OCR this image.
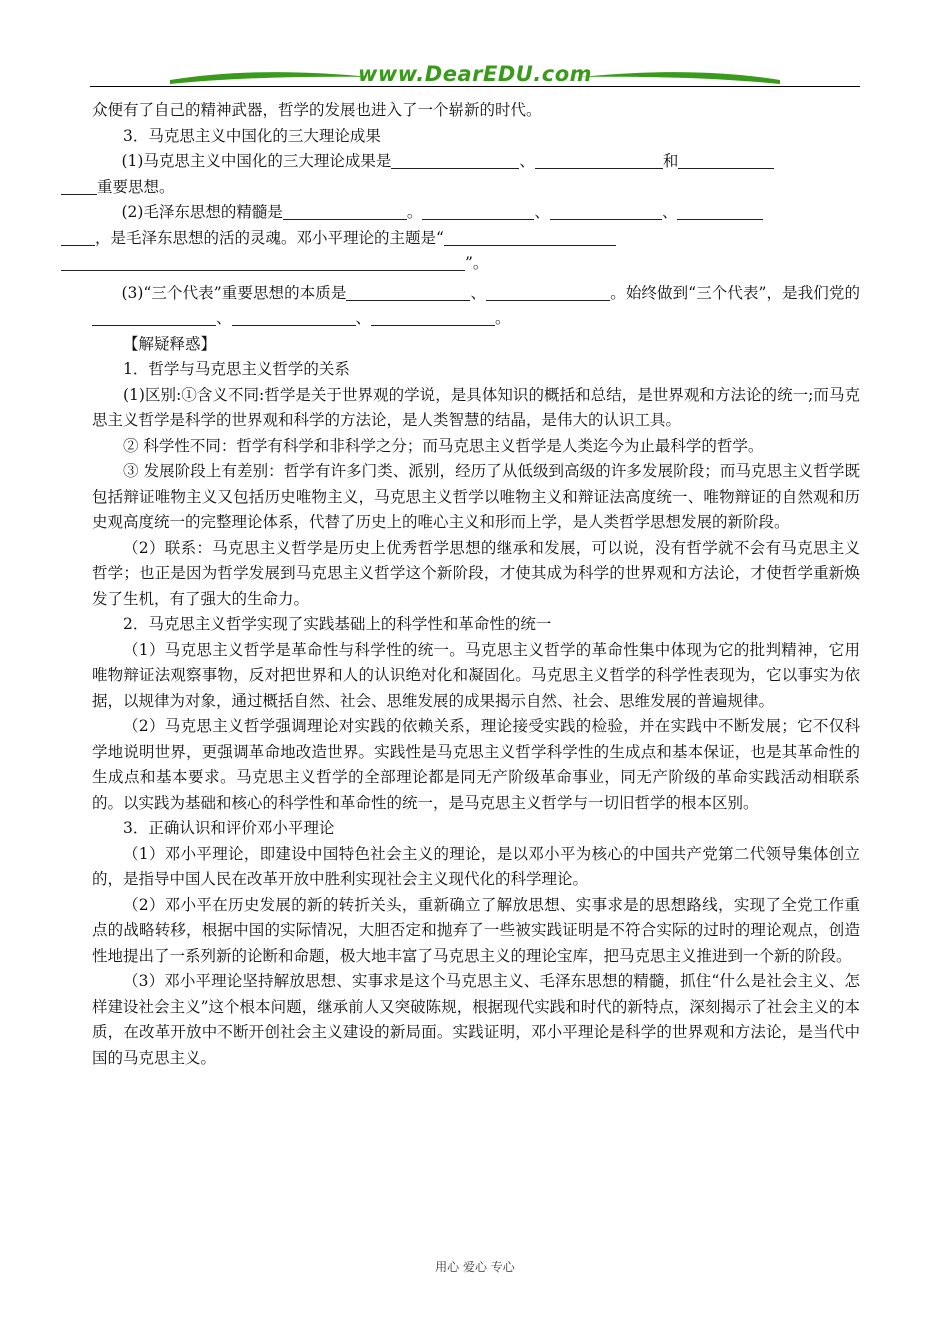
www.DearEDU.com

众便有了自己的精神武器，哲学的发展也进入了一个崭新的时代。

3．马克思主义中国化的三大理论成果

(1)马克思主义中国化的三大理论成果是	、	和
重要思想。

(2)毛泽东思想的精髓是	。	、	、
，是毛泽东思想的活的灵魂。邓小平理论的主题是“
”。

(3)“三个代表”重要思想的本质是	、	。始终做到“三个代表”，是我们党的、	、	。

【解疑释惑】

1．哲学与马克思主义哲学的关系

(1)区别:①含义不同:哲学是关于世界观的学说，是具体知识的概括和总结，是世界观和方法论的统一;而马克思主义哲学是科学的世界观和科学的方法论，是人类智慧的结晶，是伟大的认识工具。

② 科学性不同：哲学有科学和非科学之分；而马克思主义哲学是人类迄今为止最科学的哲学。

③ 发展阶段上有差别：哲学有许多门类、派别，经历了从低级到高级的许多发展阶段；而马克思主义哲学既包括辩证唯物主义又包括历史唯物主义，马克思主义哲学以唯物主义和辩证法高度统一、唯物辩证的自然观和历史观高度统一的完整理论体系，代替了历史上的唯心主义和形而上学，是人类哲学思想发展的新阶段。

（2）联系：马克思主义哲学是历史上优秀哲学思想的继承和发展，可以说，没有哲学就不会有马克思主义哲学；也正是因为哲学发展到马克思主义哲学这个新阶段，才使其成为科学的世界观和方法论，才使哲学重新焕发了生机，有了强大的生命力。

2．马克思主义哲学实现了实践基础上的科学性和革命性的统一

（1）马克思主义哲学是革命性与科学性的统一。马克思主义哲学的革命性集中体现为它的批判精神，它用唯物辩证法观察事物，反对把世界和人的认识绝对化和凝固化。马克思主义哲学的科学性表现为，它以事实为依据，以规律为对象，通过概括自然、社会、思维发展的成果揭示自然、社会、思维发展的普遍规律。

（2）马克思主义哲学强调理论对实践的依赖关系，理论接受实践的检验，并在实践中不断发展；它不仅科学地说明世界，更强调革命地改造世界。实践性是马克思主义哲学科学性的生成点和基本保证，也是其革命性的生成点和基本要求。马克思主义哲学的全部理论都是同无产阶级革命事业，同无产阶级的革命实践活动相联系的。以实践为基础和核心的科学性和革命性的统一，是马克思主义哲学与一切旧哲学的根本区别。

3．正确认识和评价邓小平理论

（1）邓小平理论，即建设中国特色社会主义的理论，是以邓小平为核心的中国共产党第二代领导集体创立的，是指导中国人民在改革开放中胜利实现社会主义现代化的科学理论。

（2）邓小平在历史发展的新的转折关头，重新确立了解放思想、实事求是的思想路线，实现了全党工作重点的战略转移，根据中国的实际情况，大胆否定和抛弃了一些被实践证明是不符合实际的过时的理论观点，创造性地提出了一系列新的论断和命题，极大地丰富了马克思主义的理论宝库，把马克思主义推进到一个新的阶段。

（3）邓小平理论坚持解放思想、实事求是这个马克思主义、毛泽东思想的精髓，抓住“什么是社会主义、怎样建设社会主义”这个根本问题，继承前人又突破陈规，根据现代实践和时代的新特点，深刻揭示了社会主义的本质，在改革开放中不断开创社会主义建设的新局面。实践证明，邓小平理论是科学的世界观和方法论，是当代中国的马克思主义。

用心 爱心 专心
